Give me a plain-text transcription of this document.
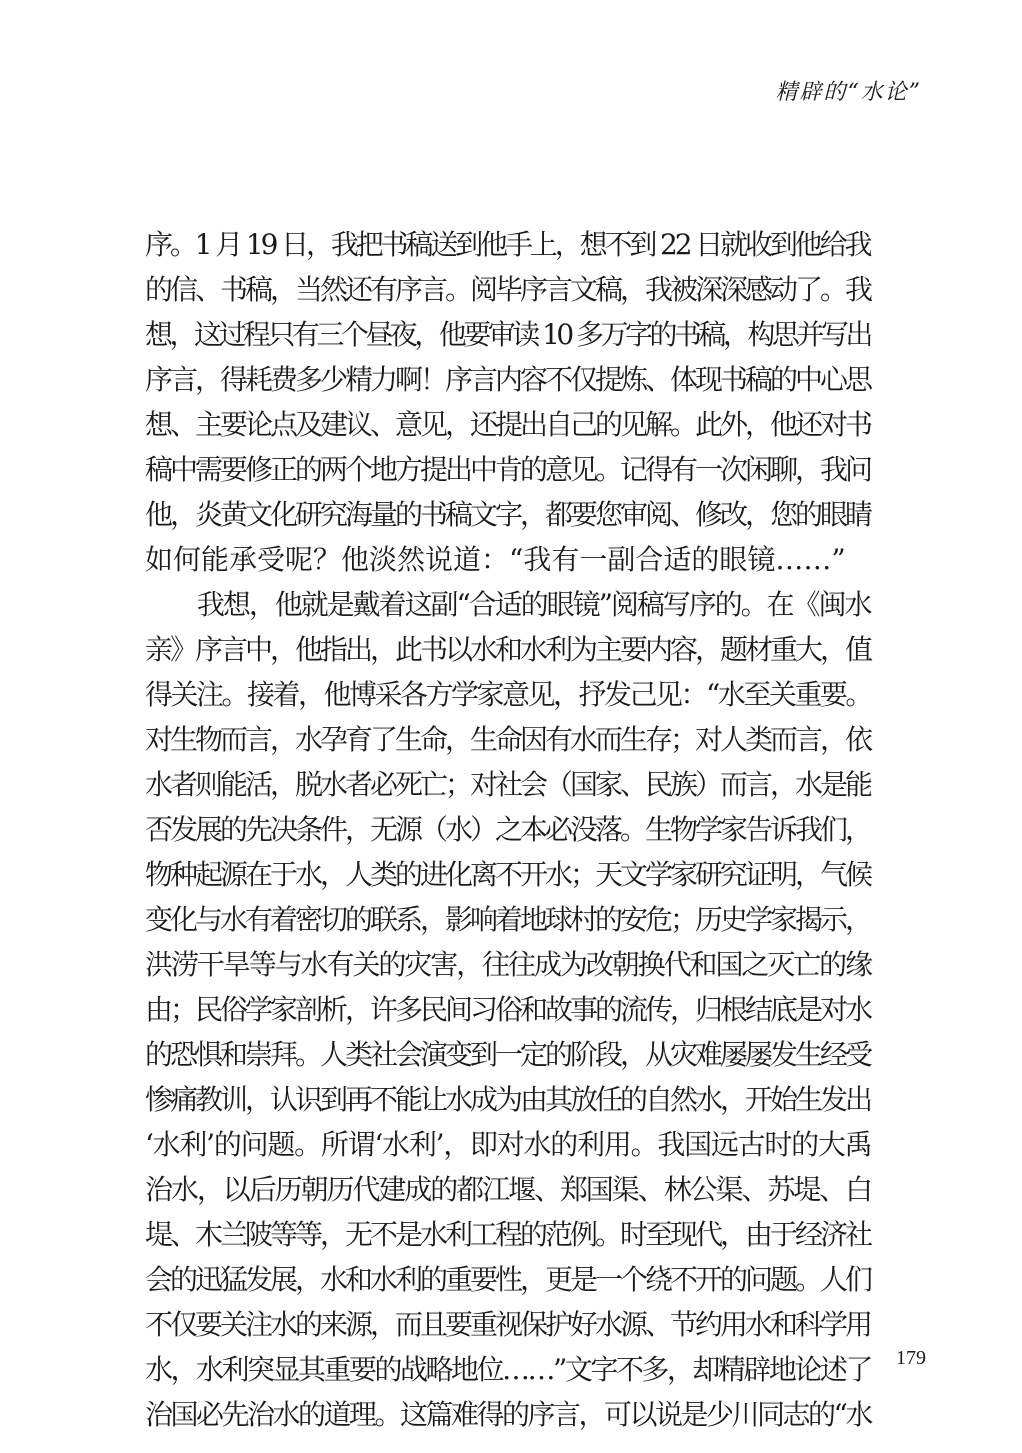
精辟的“水论”
序。1 月 19 日，我把书稿送到他手上，想不到 22 日就收到他给我
的信、书稿，当然还有序言。阅毕序言文稿，我被深深感动了。我
想，这过程只有三个昼夜，他要审读 10 多万字的书稿，构思并写出
序言，得耗费多少精力啊！序言内容不仅提炼、体现书稿的中心思
想、主要论点及建议、意见，还提出自己的见解。此外，他还对书
稿中需要修正的两个地方提出中肯的意见。记得有一次闲聊，我问
他，炎黄文化研究海量的书稿文字，都要您审阅、修改，您的眼睛
如何能承受呢？他淡然说道：“我有一副合适的眼镜……”
　　我想，他就是戴着这副“合适的眼镜”阅稿写序的。在《闽水
亲》序言中，他指出，此书以水和水利为主要内容，题材重大，值
得关注。接着，他博采各方学家意见，抒发己见：“水至关重要。
对生物而言，水孕育了生命，生命因有水而生存；对人类而言，依
水者则能活，脱水者必死亡；对社会（国家、民族）而言，水是能
否发展的先决条件，无源（水）之本必没落。生物学家告诉我们，
物种起源在于水，人类的进化离不开水；天文学家研究证明，气候
变化与水有着密切的联系，影响着地球村的安危；历史学家揭示，
洪涝干旱等与水有关的灾害，往往成为改朝换代和国之灭亡的缘
由；民俗学家剖析，许多民间习俗和故事的流传，归根结底是对水
的恐惧和崇拜。人类社会演变到一定的阶段，从灾难屡屡发生经受
惨痛教训，认识到再不能让水成为由其放任的自然水，开始生发出
‘水利’的问题。所谓‘水利’，即对水的利用。我国远古时的大禹
治水，以后历朝历代建成的都江堰、郑国渠、林公渠、苏堤、白
堤、木兰陂等等，无不是水利工程的范例。时至现代，由于经济社
会的迅猛发展，水和水利的重要性，更是一个绕不开的问题。人们
不仅要关注水的来源，而且要重视保护好水源、节约用水和科学用
水，水利突显其重要的战略地位……”文字不多，却精辟地论述了
治国必先治水的道理。这篇难得的序言，可以说是少川同志的“水
179
